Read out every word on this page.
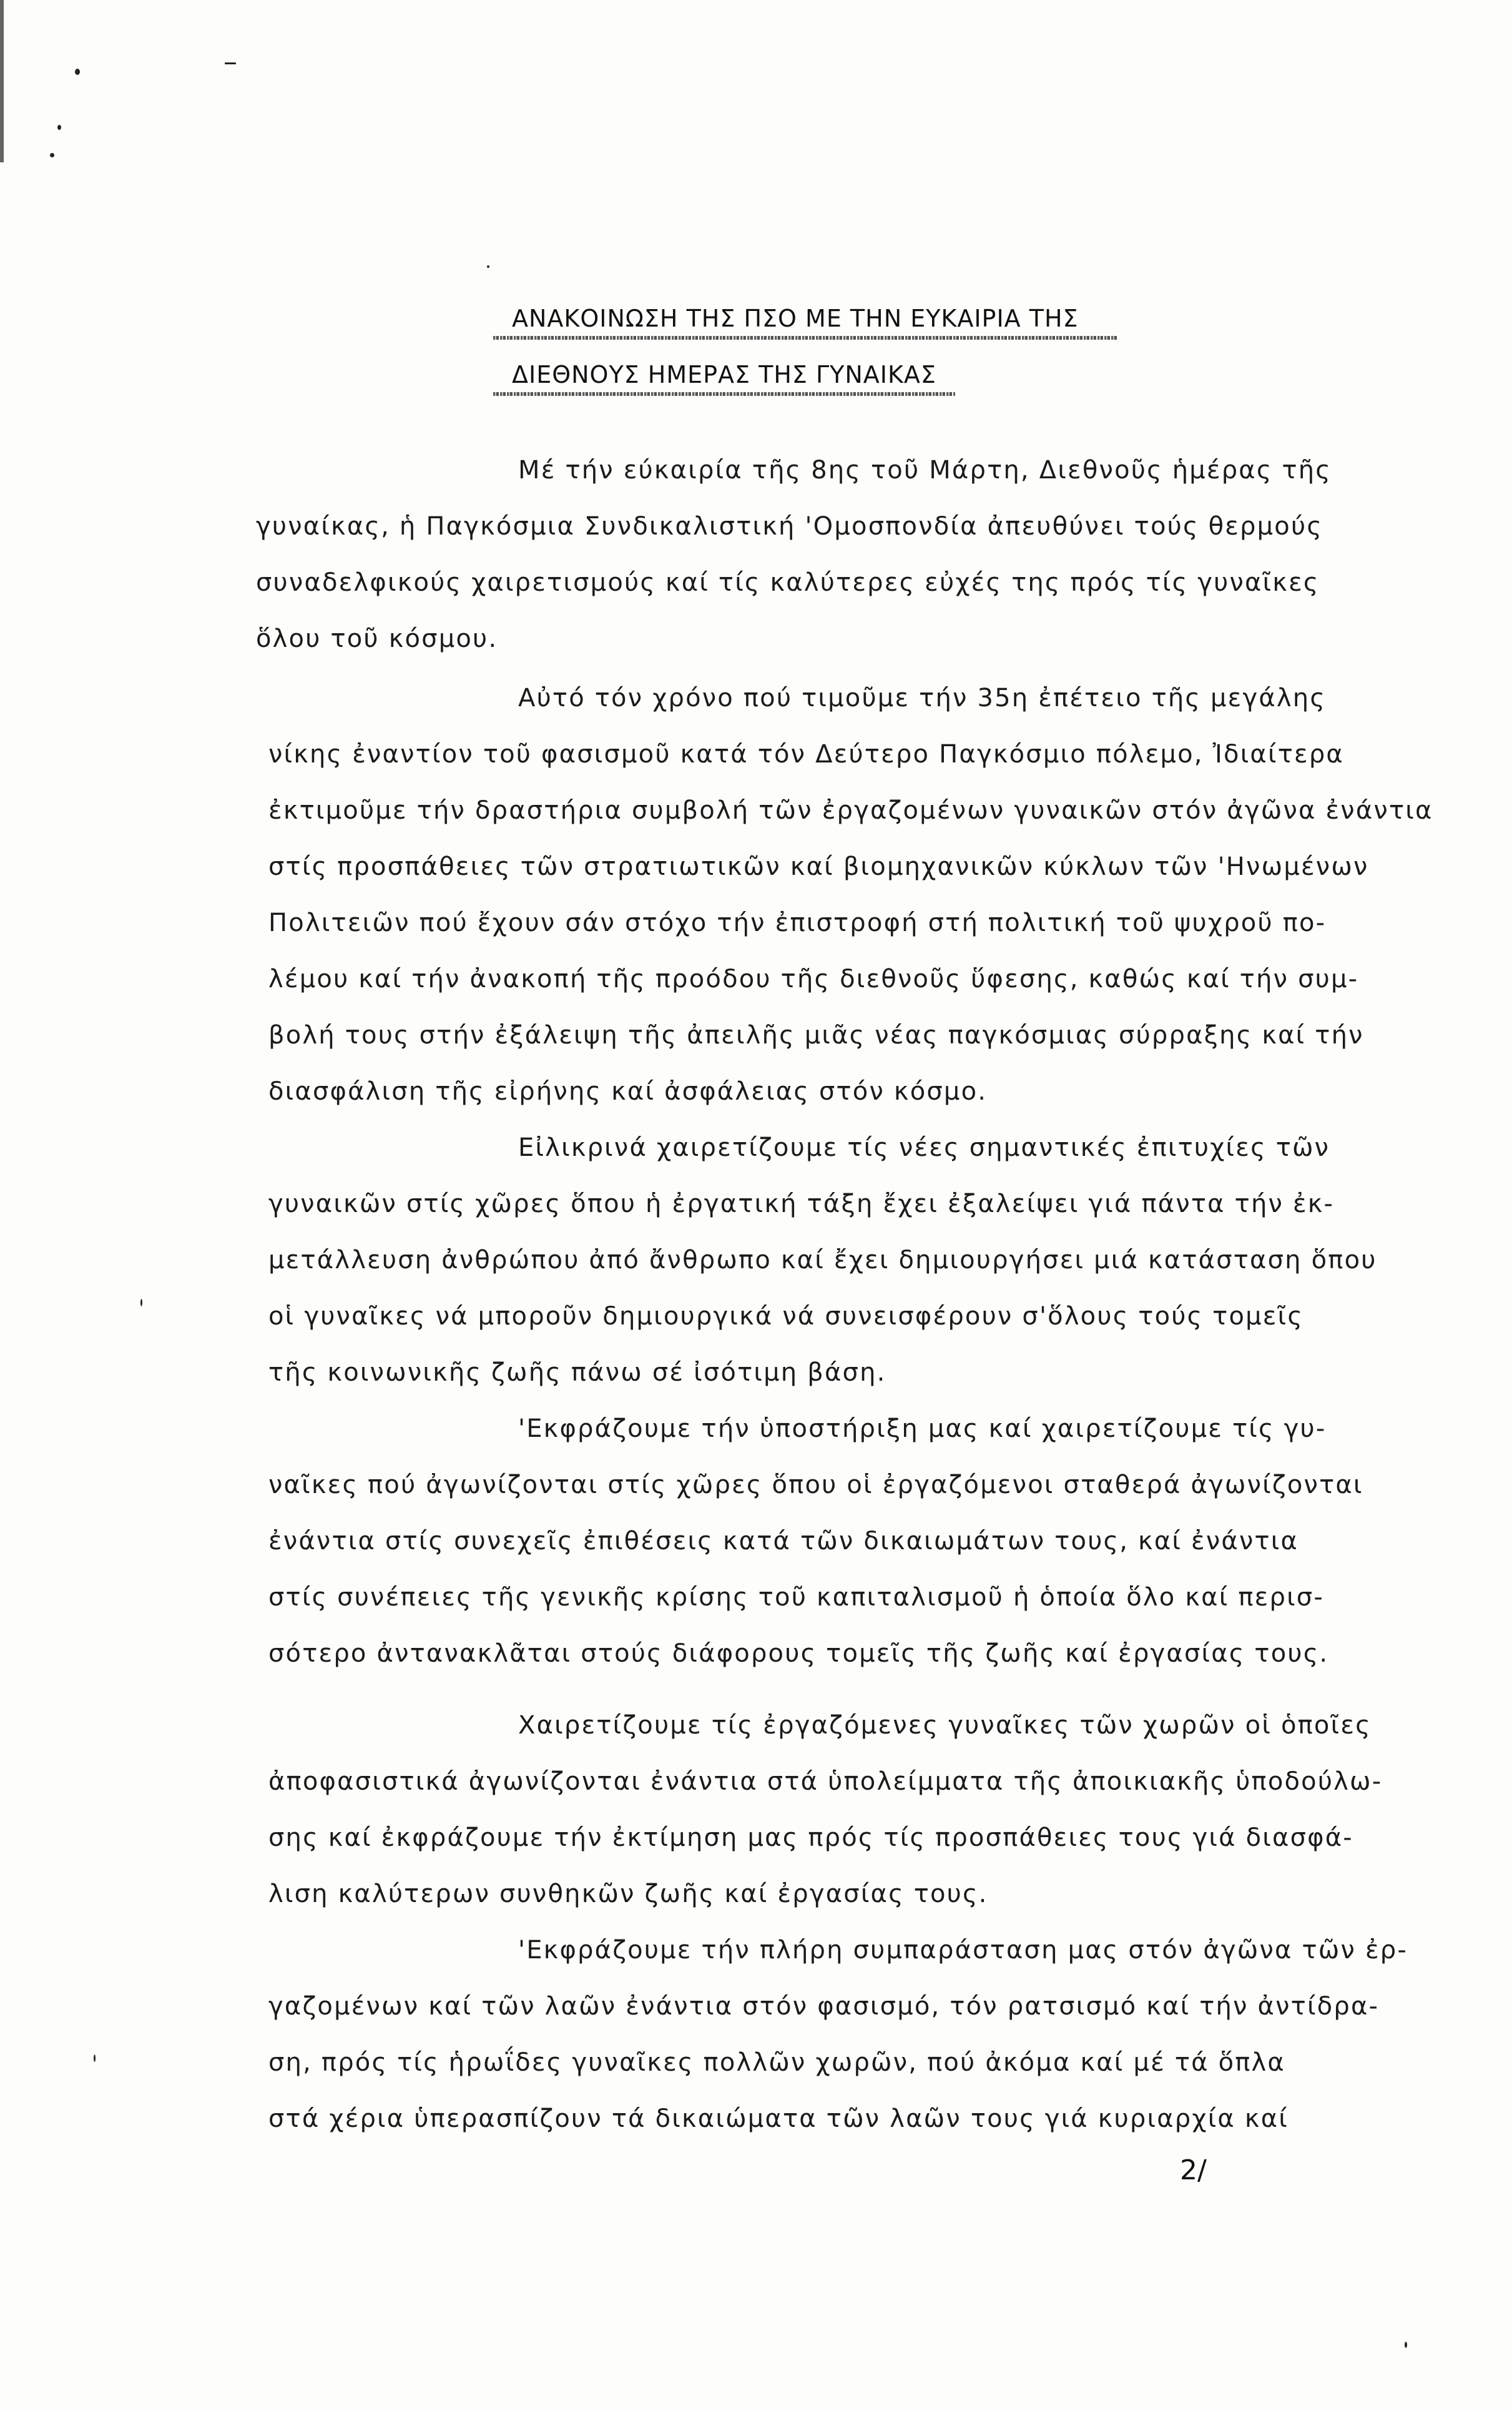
ΑΝΑΚΟΙΝΩΣΗ ΤΗΣ ΠΣΟ ΜΕ ΤΗΝ ΕΥΚΑΙΡΙΑ ΤΗΣ
ΔΙΕΘΝΟΥΣ ΗΜΕΡΑΣ ΤΗΣ ΓΥΝΑΙΚΑΣ
Μέ τήν εύκαιρία τῆς 8ης τοῦ Μάρτη, Διεθνοῦς ἡμέρας τῆς
γυναίκας, ἡ Παγκόσμια Συνδικαλιστική 'Ομοσπονδία ἀπευθύνει τούς θερμούς
συναδελφικούς χαιρετισμούς καί τίς καλύτερες εὐχές της πρός τίς γυναῖκες
ὅλου τοῦ κόσμου.
Αὐτό τόν χρόνο πού τιμοῦμε τήν 35η ἐπέτειο τῆς μεγάλης
νίκης ἐναντίον τοῦ φασισμοῦ κατά τόν Δεύτερο Παγκόσμιο πόλεμο, Ἰδιαίτερα
ἐκτιμοῦμε τήν δραστήρια συμβολή τῶν ἐργαζομένων γυναικῶν στόν ἀγῶνα ἐνάντια
στίς προσπάθειες τῶν στρατιωτικῶν καί βιομηχανικῶν κύκλων τῶν 'Ηνωμένων
Πολιτειῶν πού ἔχουν σάν στόχο τήν ἐπιστροφή στή πολιτική τοῦ ψυχροῦ πο-
λέμου καί τήν ἀνακοπή τῆς προόδου τῆς διεθνοῦς ὕφεσης, καθώς καί τήν συμ-
βολή τους στήν ἐξάλειψη τῆς ἀπειλῆς μιᾶς νέας παγκόσμιας σύρραξης καί τήν
διασφάλιση τῆς εἰρήνης καί ἀσφάλειας στόν κόσμο.
Εἰλικρινά χαιρετίζουμε τίς νέες σημαντικές ἐπιτυχίες τῶν
γυναικῶν στίς χῶρες ὅπου ἡ ἐργατική τάξη ἔχει ἐξαλείψει γιά πάντα τήν ἐκ-
μετάλλευση ἀνθρώπου ἀπό ἄνθρωπο καί ἔχει δημιουργήσει μιά κατάσταση ὅπου
οἱ γυναῖκες νά μποροῦν δημιουργικά νά συνεισφέρουν σ'ὅλους τούς τομεῖς
τῆς κοινωνικῆς ζωῆς πάνω σέ ἰσότιμη βάση.
'Εκφράζουμε τήν ὑποστήριξη μας καί χαιρετίζουμε τίς γυ-
ναῖκες πού ἀγωνίζονται στίς χῶρες ὅπου οἱ ἐργαζόμενοι σταθερά ἀγωνίζονται
ἐνάντια στίς συνεχεῖς ἐπιθέσεις κατά τῶν δικαιωμάτων τους, καί ἐνάντια
στίς συνέπειες τῆς γενικῆς κρίσης τοῦ καπιταλισμοῦ ἡ ὁποία ὅλο καί περισ-
σότερο ἀντανακλᾶται στούς διάφορους τομεῖς τῆς ζωῆς καί ἐργασίας τους.
Χαιρετίζουμε τίς ἐργαζόμενες γυναῖκες τῶν χωρῶν οἱ ὁποῖες
ἀποφασιστικά ἀγωνίζονται ἐνάντια στά ὑπολείμματα τῆς ἀποικιακῆς ὑποδούλω-
σης καί ἐκφράζουμε τήν ἐκτίμηση μας πρός τίς προσπάθειες τους γιά διασφά-
λιση καλύτερων συνθηκῶν ζωῆς καί ἐργασίας τους.
'Εκφράζουμε τήν πλήρη συμπαράσταση μας στόν ἀγῶνα τῶν ἐρ-
γαζομένων καί τῶν λαῶν ἐνάντια στόν φασισμό, τόν ρατσισμό καί τήν ἀντίδρα-
ση, πρός τίς ἡρωΐδες γυναῖκες πολλῶν χωρῶν, πού ἀκόμα καί μέ τά ὅπλα
στά χέρια ὑπερασπίζουν τά δικαιώματα τῶν λαῶν τους γιά κυριαρχία καί
2/
